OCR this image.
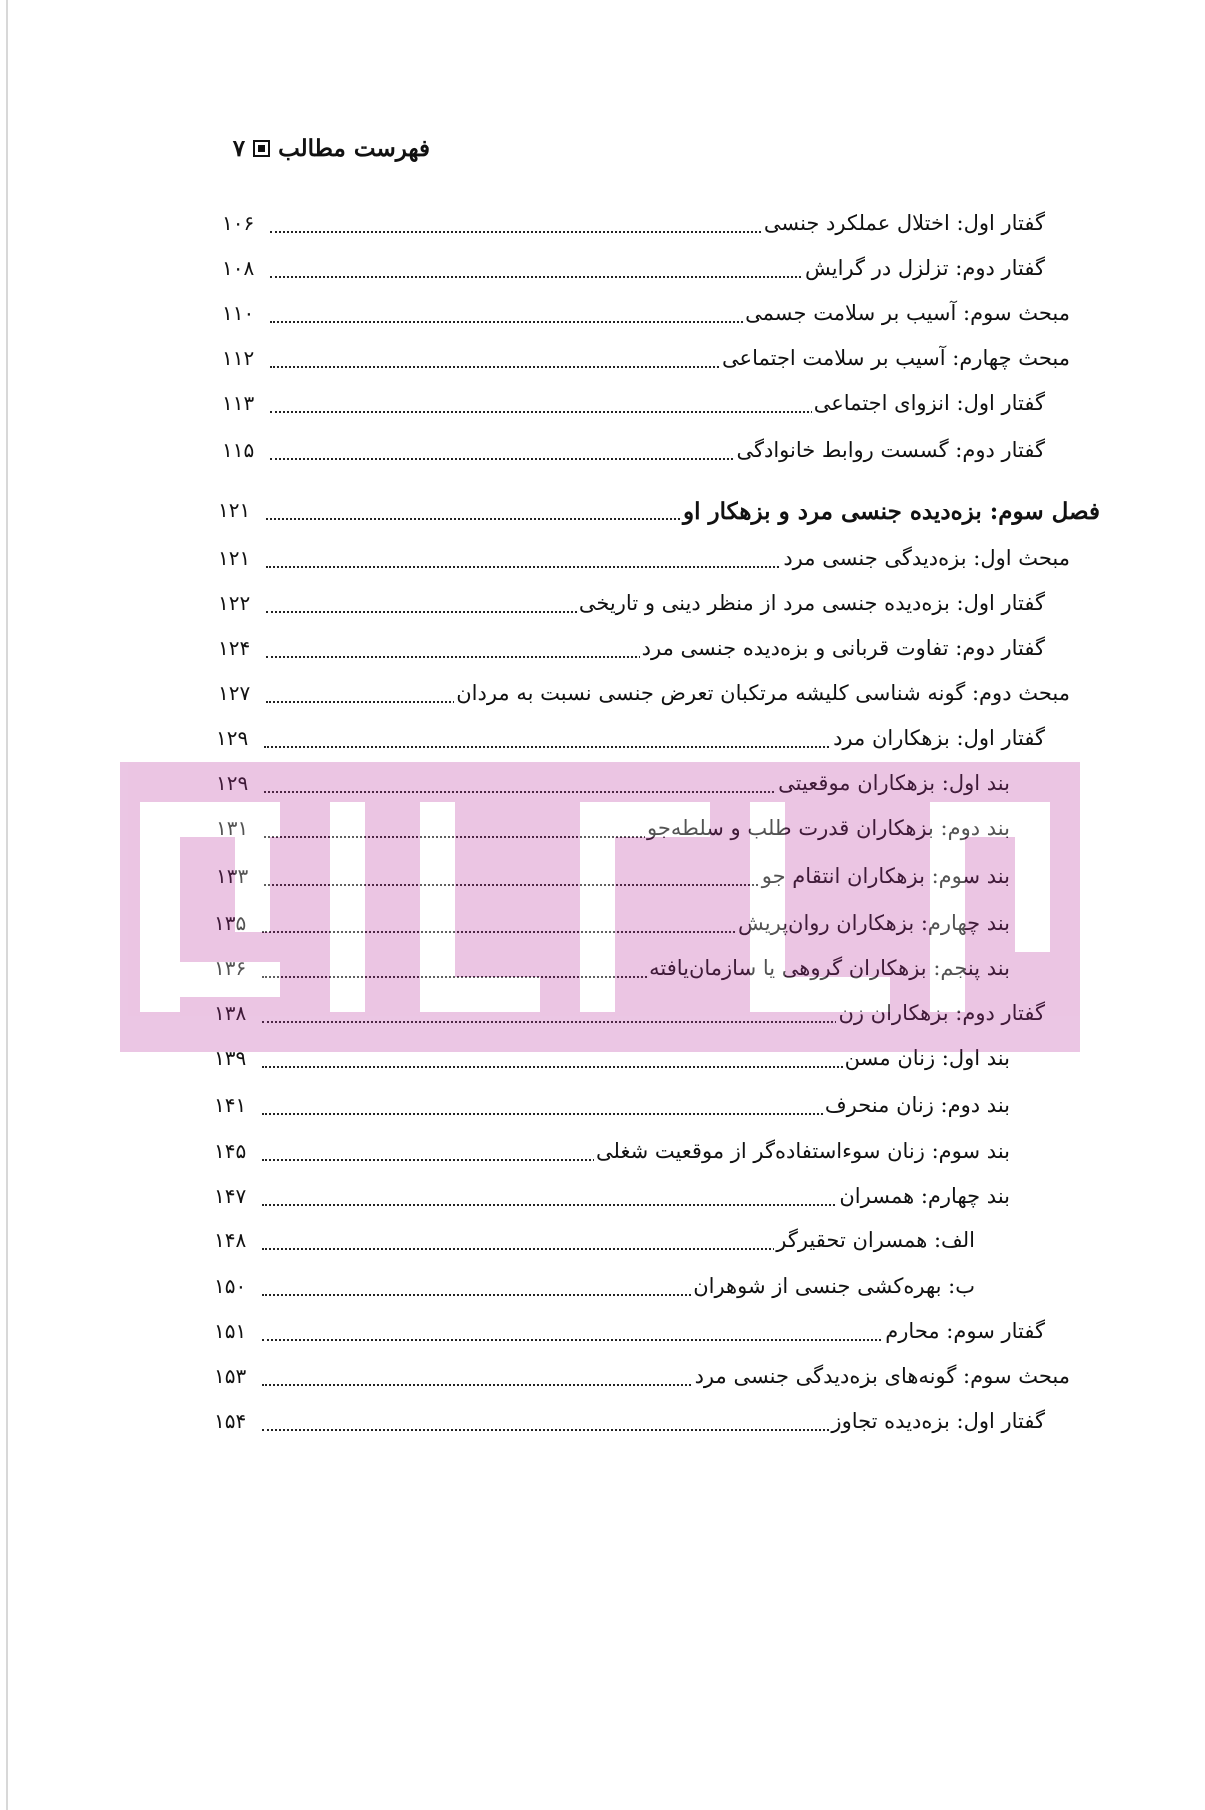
فهرست مطالب
۷
گفتار اول: اختلال عملکرد جنسی
۱۰۶
گفتار دوم: تزلزل در گرایش
۱۰۸
مبحث سوم: آسیب بر سلامت جسمی
۱۱۰
مبحث چهارم: آسیب بر سلامت اجتماعی
۱۱۲
گفتار اول: انزوای اجتماعی
۱۱۳
گفتار دوم: گسست روابط خانوادگی
۱۱۵
فصل سوم: بزه‌دیده جنسی مرد و بزهکار او
۱۲۱
مبحث اول: بزه‌دیدگی جنسی مرد
۱۲۱
گفتار اول: بزه‌دیده جنسی مرد از منظر دینی و تاریخی
۱۲۲
گفتار دوم: تفاوت قربانی و بزه‌دیده جنسی مرد
۱۲۴
مبحث دوم: گونه شناسی کلیشه مرتکبان تعرض جنسی نسبت به مردان
۱۲۷
گفتار اول: بزهکاران مرد
۱۲۹
بند اول: بزهکاران موقعیتی
۱۲۹
بند دوم: بزهکاران قدرت طلب و سلطه‌جو
۱۳۱
بند سوم: بزهکاران انتقام جو
۱۳۳
بند چهارم: بزهکاران روان‌پریش
۱۳۵
بند پنجم: بزهکاران گروهی یا سازمان‌یافته
۱۳۶
گفتار دوم: بزهکاران زن
۱۳۸
بند اول: زنان مسن
۱۳۹
بند دوم: زنان منحرف
۱۴۱
بند سوم: زنان سوءاستفاده‌گر از موقعیت شغلی
۱۴۵
بند چهارم: همسران
۱۴۷
الف: همسران تحقیرگر
۱۴۸
ب: بهره‌کشی جنسی از شوهران
۱۵۰
گفتار سوم: محارم
۱۵۱
مبحث سوم: گونه‌های بزه‌دیدگی جنسی مرد
۱۵۳
گفتار اول: بزه‌دیده تجاوز
۱۵۴
